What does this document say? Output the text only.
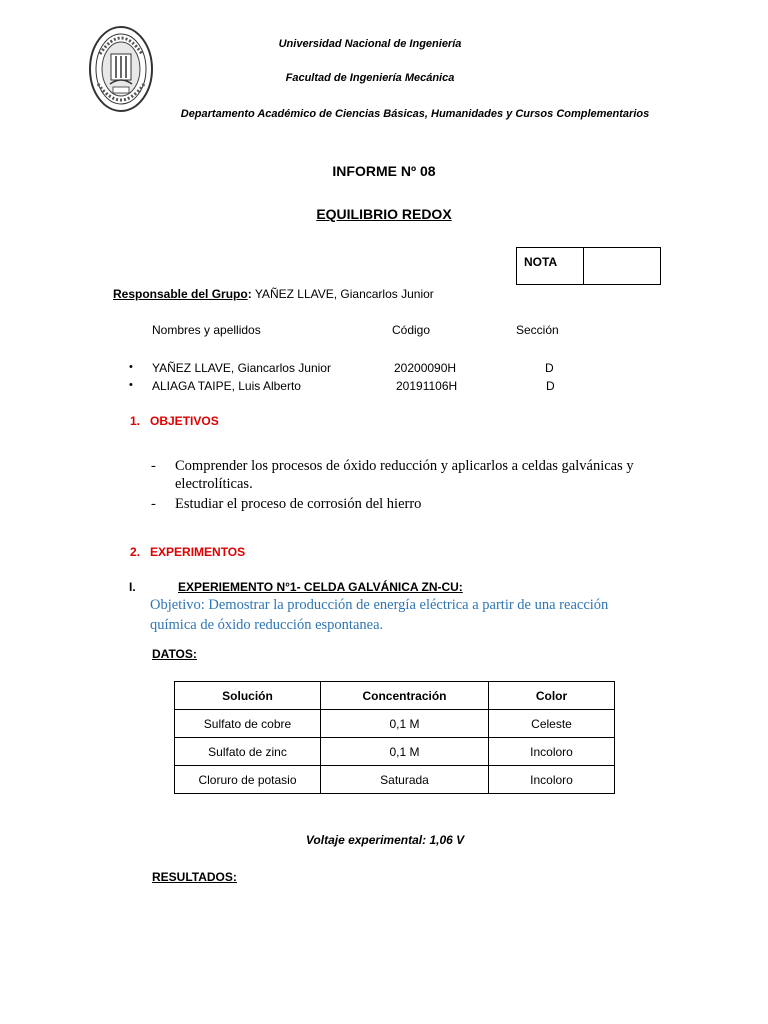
Universidad Nacional de Ingeniería
Facultad de Ingeniería Mecánica
Departamento Académico de Ciencias Básicas, Humanidades y Cursos Complementarios
INFORME Nº 08
EQUILIBRIO REDOX
NOTA
Responsable del Grupo: YAÑEZ LLAVE, Giancarlos Junior
Nombres y apellidos	Código	Sección
• YAÑEZ LLAVE, Giancarlos Junior	20200090H	D
• ALIAGA TAIPE, Luis Alberto	20191106H	D
1.   OBJETIVOS
- Comprender los procesos de óxido reducción y aplicarlos a celdas galvánicas y
electrolíticas.
- Estudiar el proceso de corrosión del hierro
2.   EXPERIMENTOS
I.	EXPERIEMENTO N°1- CELDA GALVÁNICA ZN-CU:
Objetivo: Demostrar la producción de energía eléctrica a partir de una reacción
química de óxido reducción espontanea.
DATOS:
Solución	Concentración	Color
Sulfato de cobre	0,1 M	Celeste
Sulfato de zinc	0,1 M	Incoloro
Cloruro de potasio	Saturada	Incoloro
Voltaje experimental: 1,06 V
RESULTADOS:
